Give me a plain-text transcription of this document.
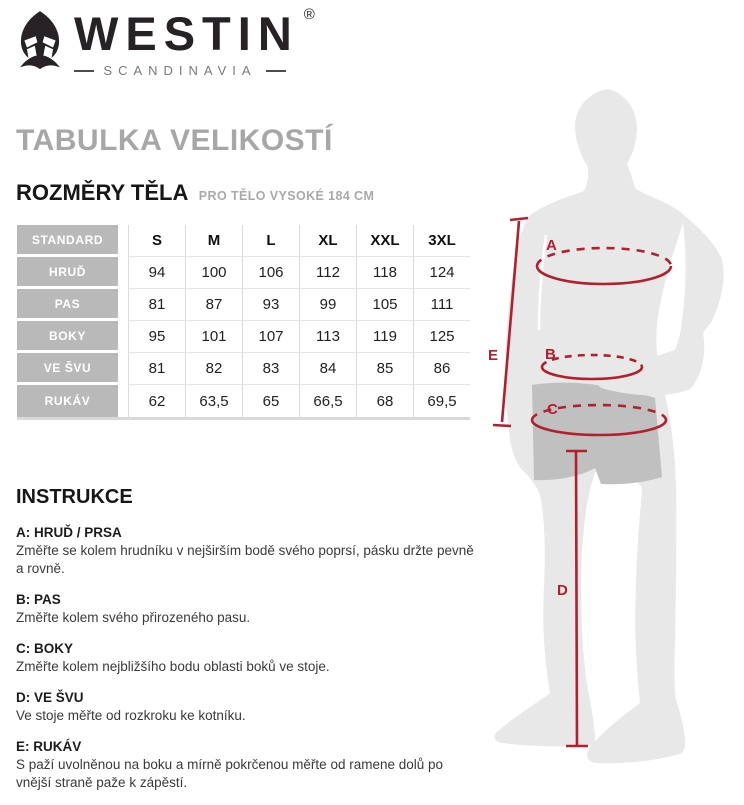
WESTIN ®
SCANDINAVIA
TABULKA VELIKOSTÍ
ROZMĚRY TĚLA PRO TĚLO VYSOKÉ 184 CM
STANDARD	S	M	L	XL	XXL	3XL
HRUĎ	94	100	106	112	118	124
PAS	81	87	93	99	105	111
BOKY	95	101	107	113	119	125
VE ŠVU	81	82	83	84	85	86
RUKÁV	62	63,5	65	66,5	68	69,5
INSTRUKCE
A: HRUĎ / PRSA
Změřte se kolem hrudníku v nejširším bodě svého poprsí, pásku držte pevně a rovně.
B: PAS
Změřte kolem svého přirozeného pasu.
C: BOKY
Změřte kolem nejbližšího bodu oblasti boků ve stoje.
D: VE ŠVU
Ve stoje měřte od rozkroku ke kotníku.
E: RUKÁV
S paží uvolněnou na boku a mírně pokrčenou měřte od ramene dolů po vnější straně paže k zápěstí.
A
B
C
D
E
